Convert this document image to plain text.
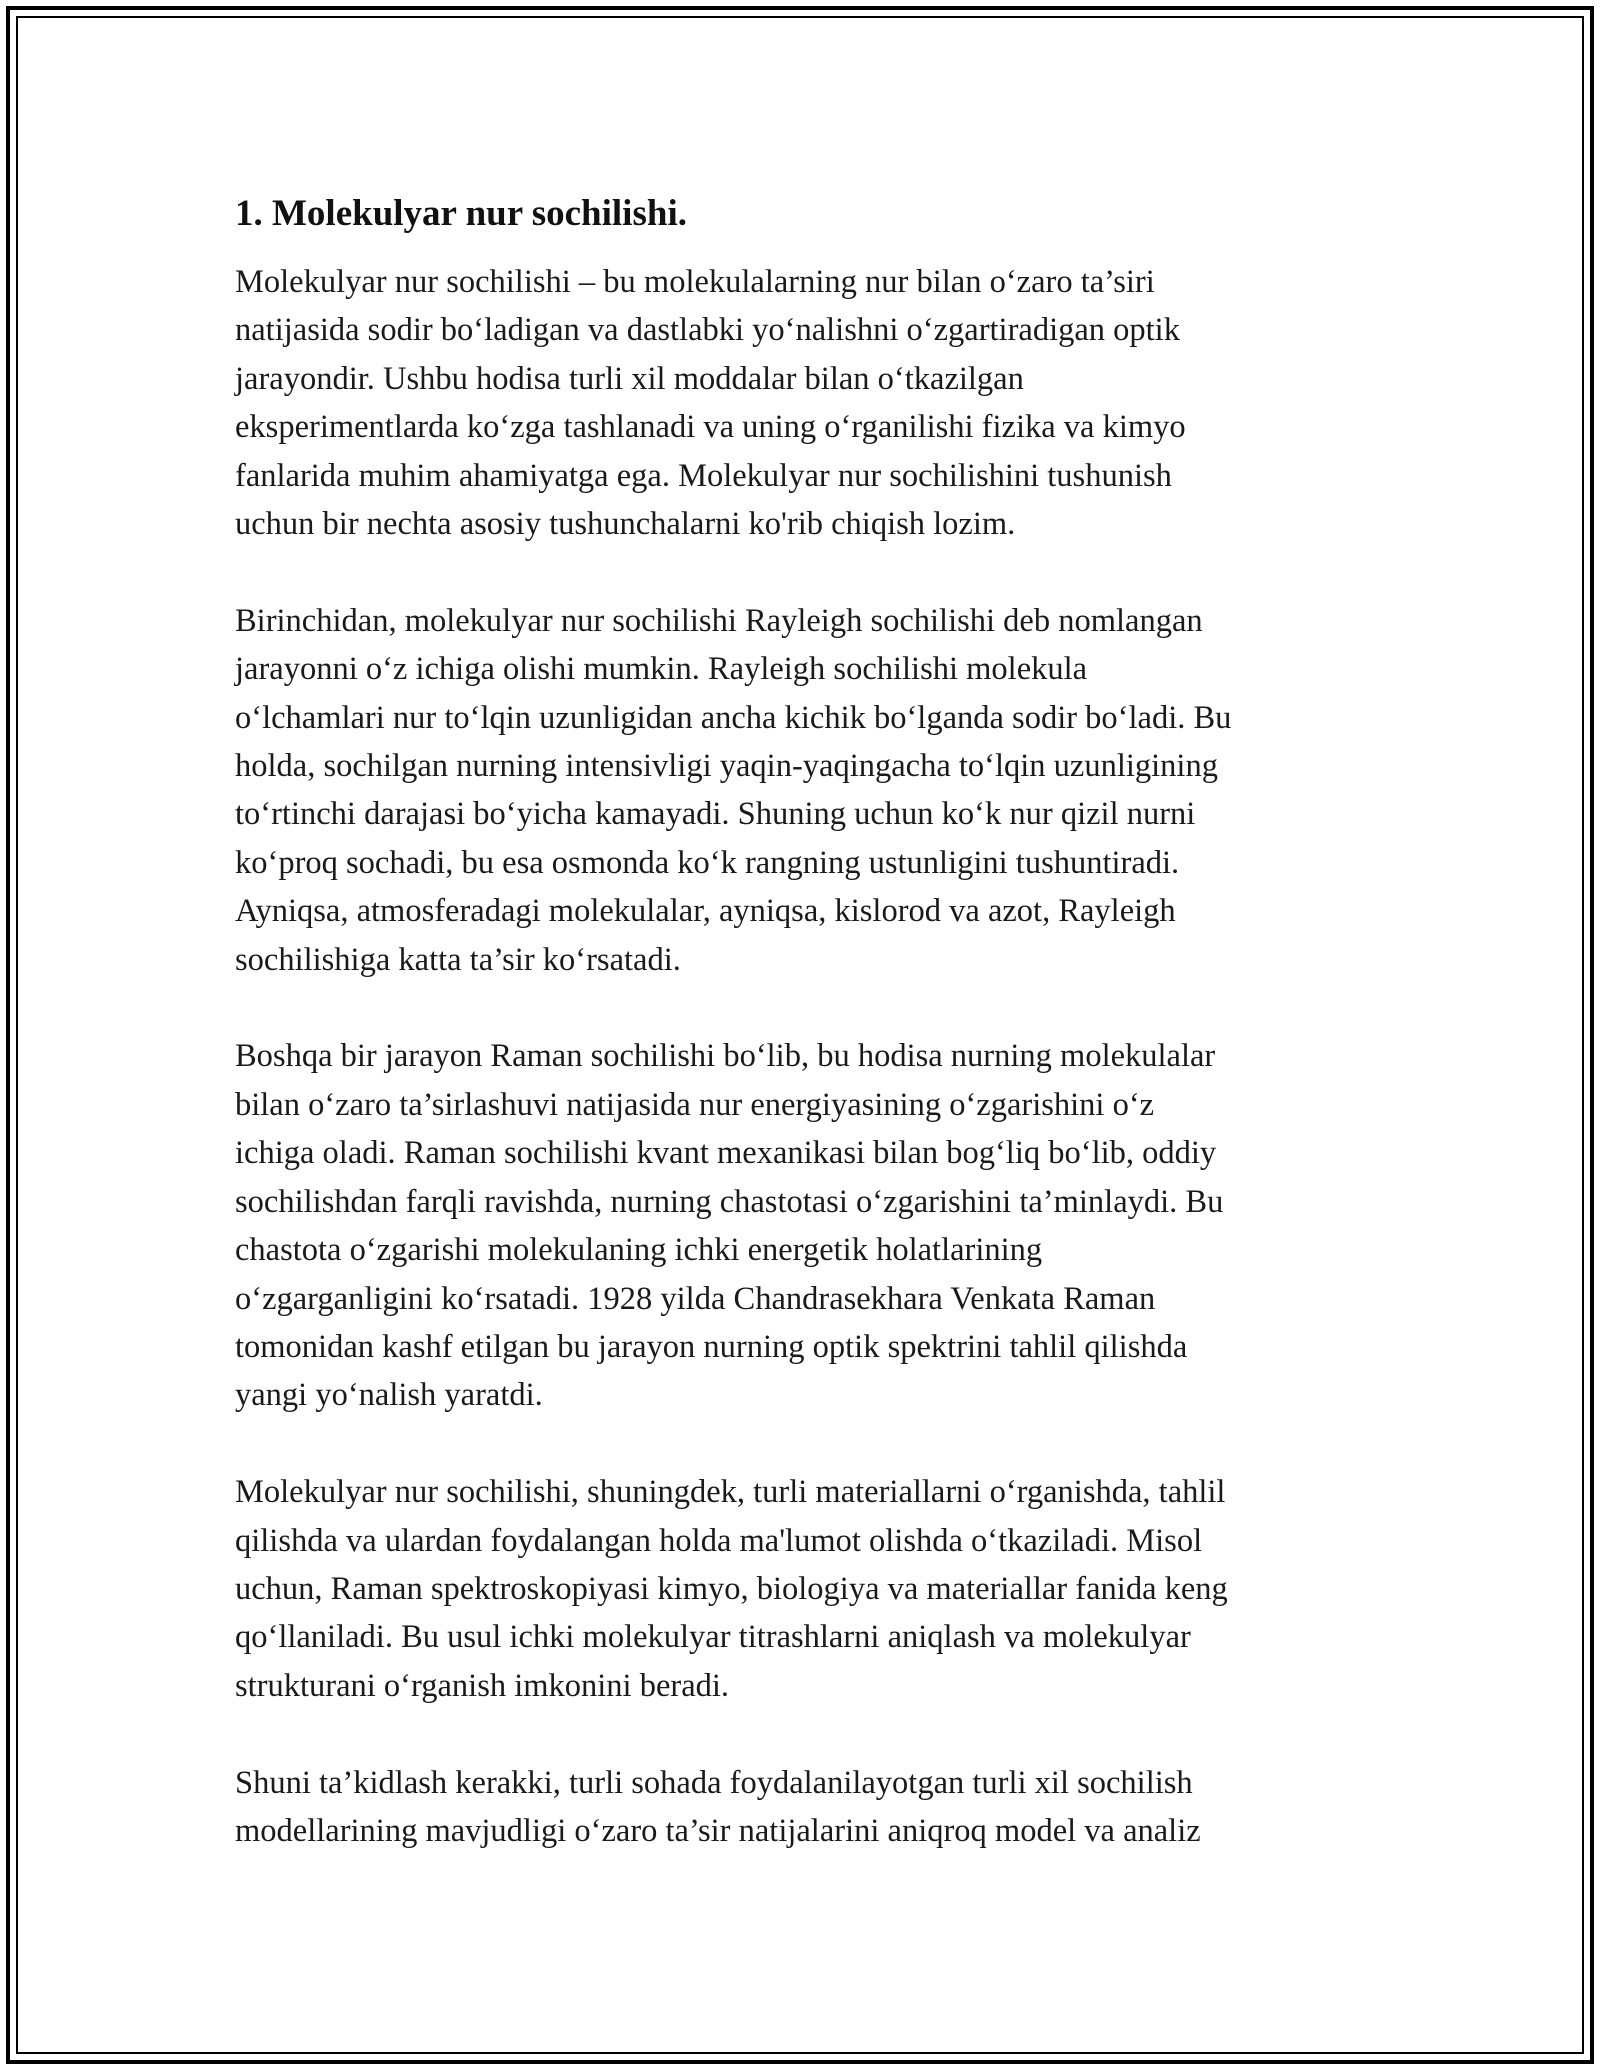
1. Molekulyar nur sochilishi.

Molekulyar nur sochilishi – bu molekulalarning nur bilan o‘zaro ta’siri
natijasida sodir bo‘ladigan va dastlabki yo‘nalishni o‘zgartiradigan optik
jarayondir. Ushbu hodisa turli xil moddalar bilan o‘tkazilgan
eksperimentlarda ko‘zga tashlanadi va uning o‘rganilishi fizika va kimyo
fanlarida muhim ahamiyatga ega. Molekulyar nur sochilishini tushunish
uchun bir nechta asosiy tushunchalarni ko'rib chiqish lozim.

Birinchidan, molekulyar nur sochilishi Rayleigh sochilishi deb nomlangan
jarayonni o‘z ichiga olishi mumkin. Rayleigh sochilishi molekula
o‘lchamlari nur to‘lqin uzunligidan ancha kichik bo‘lganda sodir bo‘ladi. Bu
holda, sochilgan nurning intensivligi yaqin-yaqingacha to‘lqin uzunligining
to‘rtinchi darajasi bo‘yicha kamayadi. Shuning uchun ko‘k nur qizil nurni
ko‘proq sochadi, bu esa osmonda ko‘k rangning ustunligini tushuntiradi.
Ayniqsa, atmosferadagi molekulalar, ayniqsa, kislorod va azot, Rayleigh
sochilishiga katta ta’sir ko‘rsatadi.

Boshqa bir jarayon Raman sochilishi bo‘lib, bu hodisa nurning molekulalar
bilan o‘zaro ta’sirlashuvi natijasida nur energiyasining o‘zgarishini o‘z
ichiga oladi. Raman sochilishi kvant mexanikasi bilan bog‘liq bo‘lib, oddiy
sochilishdan farqli ravishda, nurning chastotasi o‘zgarishini ta’minlaydi. Bu
chastota o‘zgarishi molekulaning ichki energetik holatlarining
o‘zgarganligini ko‘rsatadi. 1928 yilda Chandrasekhara Venkata Raman
tomonidan kashf etilgan bu jarayon nurning optik spektrini tahlil qilishda
yangi yo‘nalish yaratdi.

Molekulyar nur sochilishi, shuningdek, turli materiallarni o‘rganishda, tahlil
qilishda va ulardan foydalangan holda ma'lumot olishda o‘tkaziladi. Misol
uchun, Raman spektroskopiyasi kimyo, biologiya va materiallar fanida keng
qo‘llaniladi. Bu usul ichki molekulyar titrashlarni aniqlash va molekulyar
strukturani o‘rganish imkonini beradi.

Shuni ta’kidlash kerakki, turli sohada foydalanilayotgan turli xil sochilish
modellarining mavjudligi o‘zaro ta’sir natijalarini aniqroq model va analiz
